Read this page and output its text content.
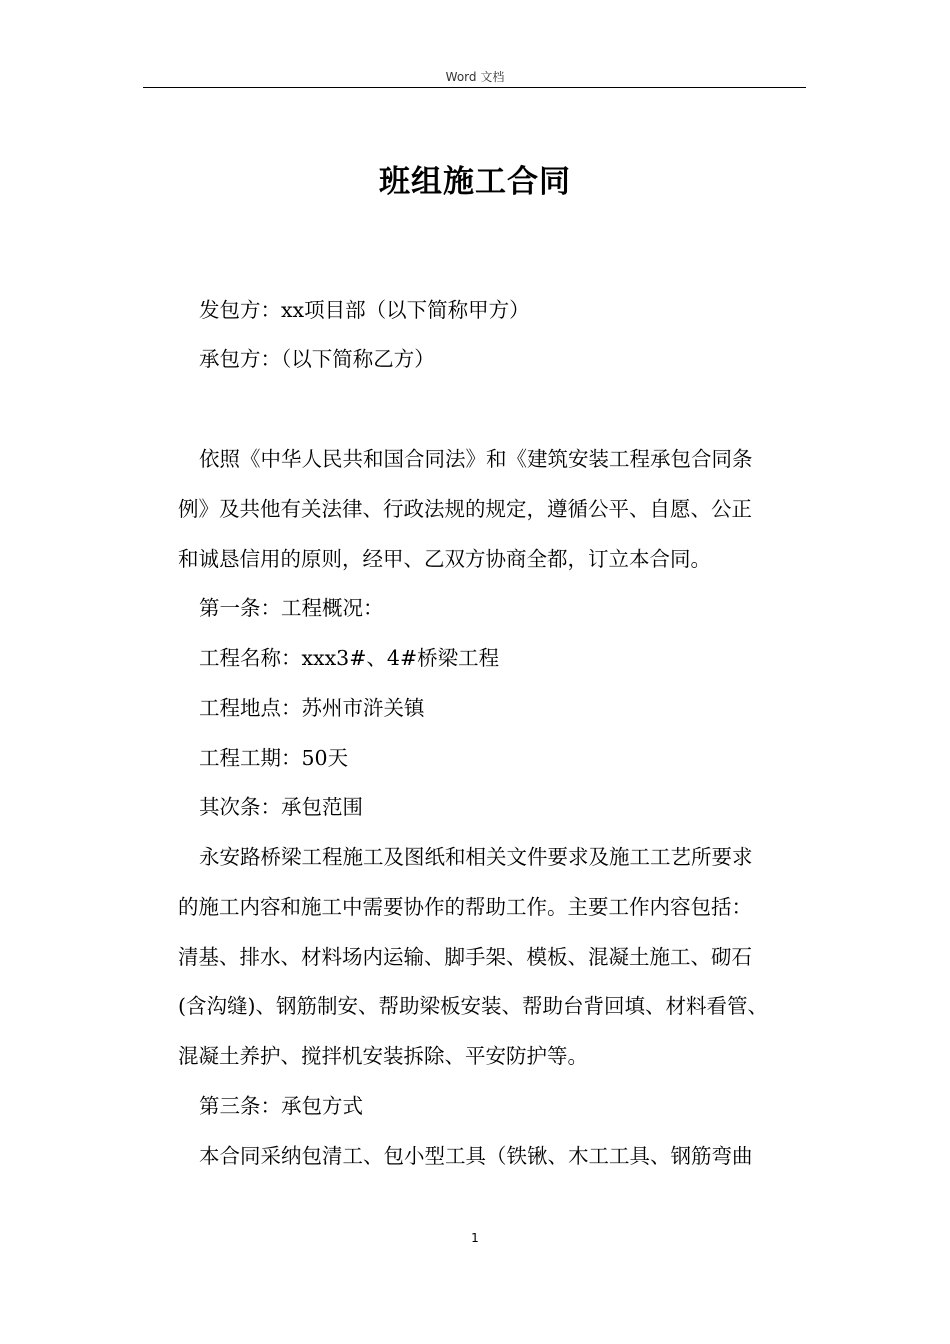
Word 文档
班组施工合同
发包方：xx项目部（以下简称甲方）
承包方：（以下简称乙方）
依照《中华人民共和国合同法》和《建筑安装工程承包合同条
例》及共他有关法律、行政法规的规定，遵循公平、自愿、公正
和诚恳信用的原则，经甲、乙双方协商全都，订立本合同。
第一条：工程概况：
工程名称：xxx3#、4#桥梁工程
工程地点：苏州市浒关镇
工程工期：50天
其次条：承包范围
永安路桥梁工程施工及图纸和相关文件要求及施工工艺所要求
的施工内容和施工中需要协作的帮助工作。主要工作内容包括：
清基、排水、材料场内运输、脚手架、模板、混凝土施工、砌石
(含沟缝)、钢筋制安、帮助梁板安装、帮助台背回填、材料看管、
混凝土养护、搅拌机安装拆除、平安防护等。
第三条：承包方式
本合同采纳包清工、包小型工具（铁锹、木工工具、钢筋弯曲
1
